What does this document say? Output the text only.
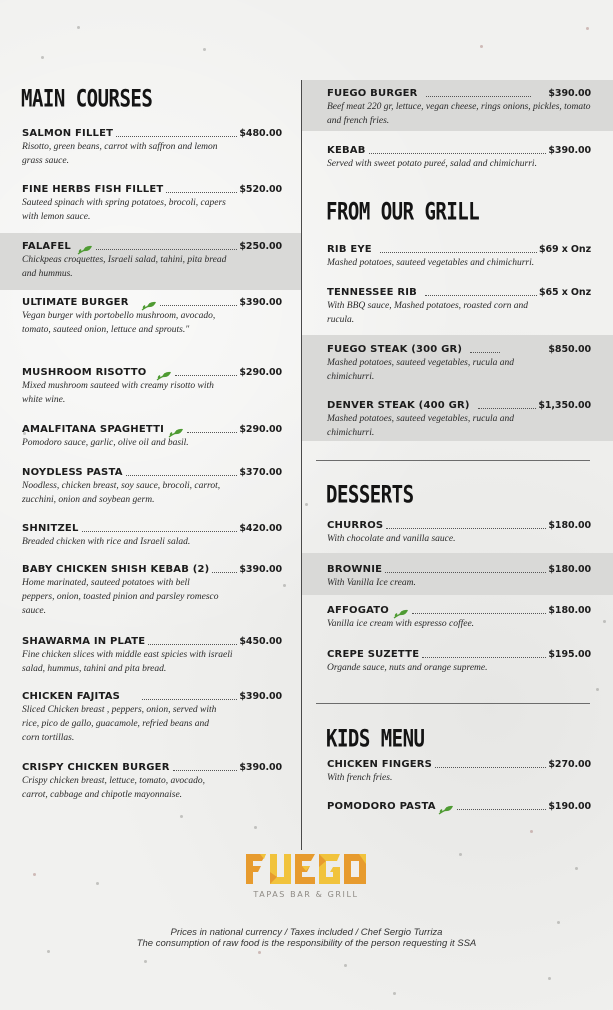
MAIN COURSES
FROM OUR GRILL
DESSERTS
KIDS MENU
SALMON FILLET	$480.00
Risotto, green beans, carrot with saffron and lemon grass sauce.
FINE HERBS FISH FILLET	$520.00
Sauteed spinach with spring potatoes, brocoli, capers with lemon sauce.
FALAFEL	$250.00
Chickpeas croquettes, Israeli salad, tahini, pita bread and hummus.
ULTIMATE BURGER	$390.00
Vegan burger with portobello mushroom, avocado, tomato, sauteed onion, lettuce and sprouts."
MUSHROOM RISOTTO	$290.00
Mixed mushroom sauteed with creamy risotto with white wine.
AMALFITANA SPAGHETTI	$290.00
Pomodoro sauce, garlic, olive oil and basil.
NOYDLESS PASTA	$370.00
Noodless, chicken breast, soy sauce, brocoli, carrot, zucchini, onion and soybean germ.
SHNITZEL	$420.00
Breaded chicken with rice and Israeli salad.
BABY CHICKEN SHISH KEBAB (2)	$390.00
Home marinated, sauteed potatoes with bell peppers, onion, toasted pinion and parsley romesco sauce.
SHAWARMA IN PLATE	$450.00
Fine chicken slices with middle east spicies with israeli salad, hummus, tahini and pita bread.
CHICKEN FAJITAS	$390.00
Sliced Chicken breast , peppers, onion, served with rice, pico de gallo, guacamole, refried beans and corn tortillas.
CRISPY CHICKEN BURGER	$390.00
Crispy chicken breast, lettuce, tomato, avocado, carrot, cabbage and chipotle mayonnaise.
FUEGO BURGER	$390.00
Beef meat 220 gr, lettuce, vegan cheese, rings onions, pickles, tomato and french fries.
KEBAB	$390.00
Served with sweet potato pureé, salad and chimichurri.
RIB EYE	$69 x Onz
Mashed potatoes, sauteed vegetables and chimichurri.
TENNESSEE RIB	$65 x Onz
With BBQ sauce, Mashed potatoes, roasted corn and rucula.
FUEGO STEAK (300 GR)	$850.00
Mashed potatoes, sauteed vegetables, rucula and chimichurri.
DENVER STEAK (400 GR)	$1,350.00
Mashed potatoes, sauteed vegetables, rucula and chimichurri.
CHURROS	$180.00
With chocolate and vanilla sauce.
BROWNIE	$180.00
With Vanilla Ice cream.
AFFOGATO	$180.00
Vanilla ice cream with espresso coffee.
CREPE SUZETTE	$195.00
Organde sauce, nuts and orange supreme.
CHICKEN FINGERS	$270.00
With french fries.
POMODORO PASTA	$190.00
TAPAS BAR & GRILL
Prices in national currency / Taxes included / Chef Sergio Turriza
The consumption of raw food is the responsibility of the person requesting it SSA
